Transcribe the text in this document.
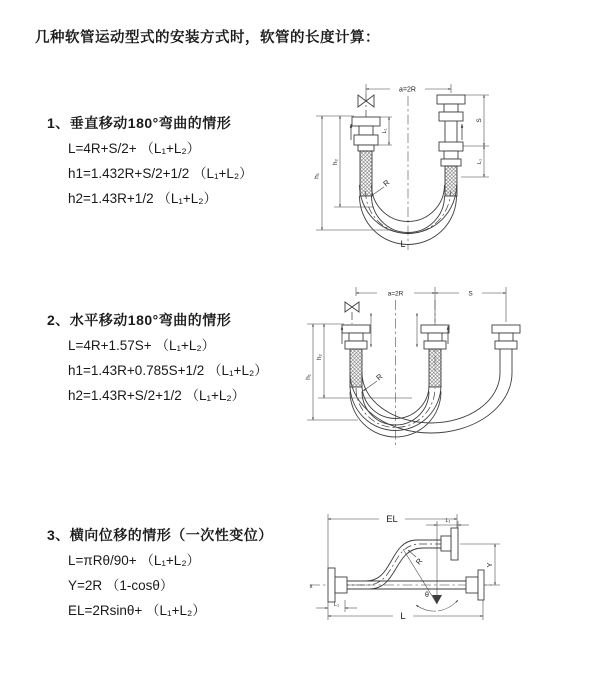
几种软管运动型式的安装方式时，软管的长度计算：
1、垂直移动180°弯曲的情形
L=4R+S/2+ （L₁+L₂）
h1=1.432R+S/2+1/2 （L₁+L₂）
h2=1.43R+1/2 （L₁+L₂）
2、水平移动180°弯曲的情形
L=4R+1.57S+ （L₁+L₂）
h1=1.43R+0.785S+1/2 （L₁+L₂）
h2=1.43R+S/2+1/2 （L₁+L₂）
3、横向位移的情形（一次性变位）
L=πRθ/90+ （L₁+L₂）
Y=2R （1-cosθ）
EL=2Rsinθ+ （L₁+L₂）
a=2R
h₁
h₂
S
L₁
L₁
R
L
a=2R	S
h₁
h₂
R
θ
R
EL	L₁
Y
L
L₁
x
